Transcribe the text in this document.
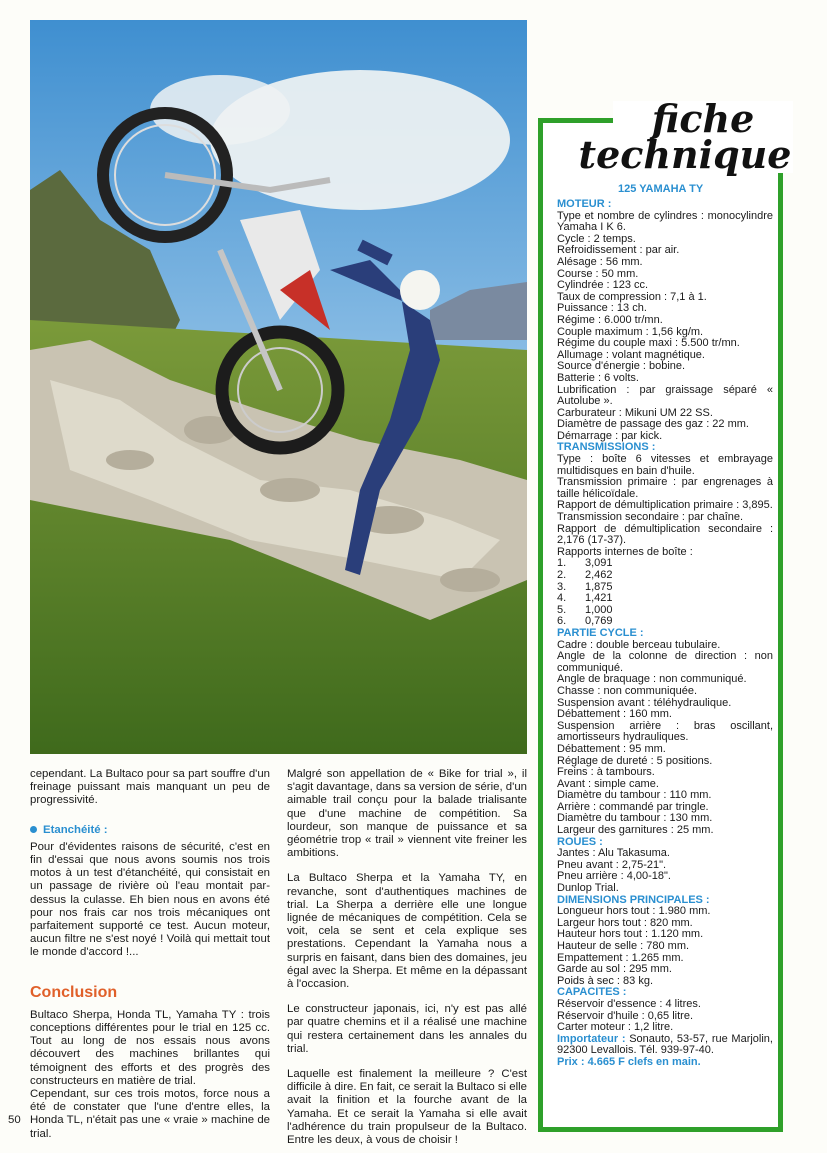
cependant. La Bultaco pour sa part souffre d'un freinage puissant mais manquant un peu de progressivité.

Etanchéité :

Pour d'évidentes raisons de sécurité, c'est en fin d'essai que nous avons soumis nos trois motos à un test d'étanchéité, qui consistait en un passage de rivière où l'eau montait par-dessus la culasse. Eh bien nous en avons été pour nos frais car nos trois mécaniques ont parfaitement supporté ce test. Aucun moteur, aucun filtre ne s'est noyé ! Voilà qui mettait tout le monde d'accord !...

Conclusion

Bultaco Sherpa, Honda TL, Yamaha TY : trois conceptions différentes pour le trial en 125 cc. Tout au long de nos essais nous avons découvert des machines brillantes qui témoignent des efforts et des progrès des constructeurs en matière de trial.

Cependant, sur ces trois motos, force nous a été de constater que l'une d'entre elles, la Honda TL, n'était pas une « vraie » machine de trial.

Malgré son appellation de « Bike for trial », il s'agit davantage, dans sa version de série, d'un aimable trail conçu pour la balade trialisante que d'une machine de compétition. Sa lourdeur, son manque de puissance et sa géométrie trop « trail » viennent vite freiner les ambitions.

La Bultaco Sherpa et la Yamaha TY, en revanche, sont d'authentiques machines de trial. La Sherpa a derrière elle une longue lignée de mécaniques de compétition. Cela se voit, cela se sent et cela explique ses prestations. Cependant la Yamaha nous a surpris en faisant, dans bien des domaines, jeu égal avec la Sherpa. Et même en la dépassant à l'occasion.

Le constructeur japonais, ici, n'y est pas allé par quatre chemins et il a réalisé une machine qui restera certainement dans les annales du trial.

Laquelle est finalement la meilleure ? C'est difficile à dire. En fait, ce serait la Bultaco si elle avait la finition et la fourche avant de la Yamaha. Et ce serait la Yamaha si elle avait l'adhérence du train propulseur de la Bultaco. Entre les deux, à vous de choisir !

50
fiche
technique
125 YAMAHA TY
MOTEUR :
Type et nombre de cylindres : monocylindre Yamaha I K 6.
Cycle : 2 temps.
Refroidissement : par air.
Alésage : 56 mm.
Course : 50 mm.
Cylindrée : 123 cc.
Taux de compression : 7,1 à 1.
Puissance : 13 ch.
Régime : 6.000 tr/mn.
Couple maximum : 1,56 kg/m.
Régime du couple maxi : 5.500 tr/mn.
Allumage : volant magnétique.
Source d'énergie : bobine.
Batterie : 6 volts.
Lubrification : par graissage séparé « Autolube ».
Carburateur : Mikuni UM 22 SS.
Diamètre de passage des gaz : 22 mm.
Démarrage : par kick.
TRANSMISSIONS :
Type : boîte 6 vitesses et embrayage multidisques en bain d'huile.
Transmission primaire : par engrenages à taille hélicoïdale.
Rapport de démultiplication primaire : 3,895.
Transmission secondaire : par chaîne.
Rapport de démultiplication secondaire : 2,176 (17-37).
Rapports internes de boîte :
1.	3,091
2.	2,462
3.	1,875
4.	1,421
5.	1,000
6.	0,769
PARTIE CYCLE :
Cadre : double berceau tubulaire.
Angle de la colonne de direction : non communiqué.
Angle de braquage : non communiqué.
Chasse : non communiquée.
Suspension avant : téléhydraulique.
Débattement : 160 mm.
Suspension arrière : bras oscillant, amortisseurs hydrauliques.
Débattement : 95 mm.
Réglage de dureté : 5 positions.
Freins : à tambours.
Avant : simple came.
Diamètre du tambour : 110 mm.
Arrière : commandé par tringle.
Diamètre du tambour : 130 mm.
Largeur des garnitures : 25 mm.
ROUES :
Jantes : Alu Takasuma.
Pneu avant : 2,75-21".
Pneu arrière : 4,00-18".
Dunlop Trial.
DIMENSIONS PRINCIPALES :
Longueur hors tout : 1.980 mm.
Largeur hors tout : 820 mm.
Hauteur hors tout : 1.120 mm.
Hauteur de selle : 780 mm.
Empattement : 1.265 mm.
Garde au sol : 295 mm.
Poids à sec : 83 kg.
CAPACITES :
Réservoir d'essence : 4 litres.
Réservoir d'huile : 0,65 litre.
Carter moteur : 1,2 litre.
Importateur : Sonauto, 53-57, rue Marjolin, 92300 Levallois. Tél. 939-97-40.
Prix : 4.665 F clefs en main.
